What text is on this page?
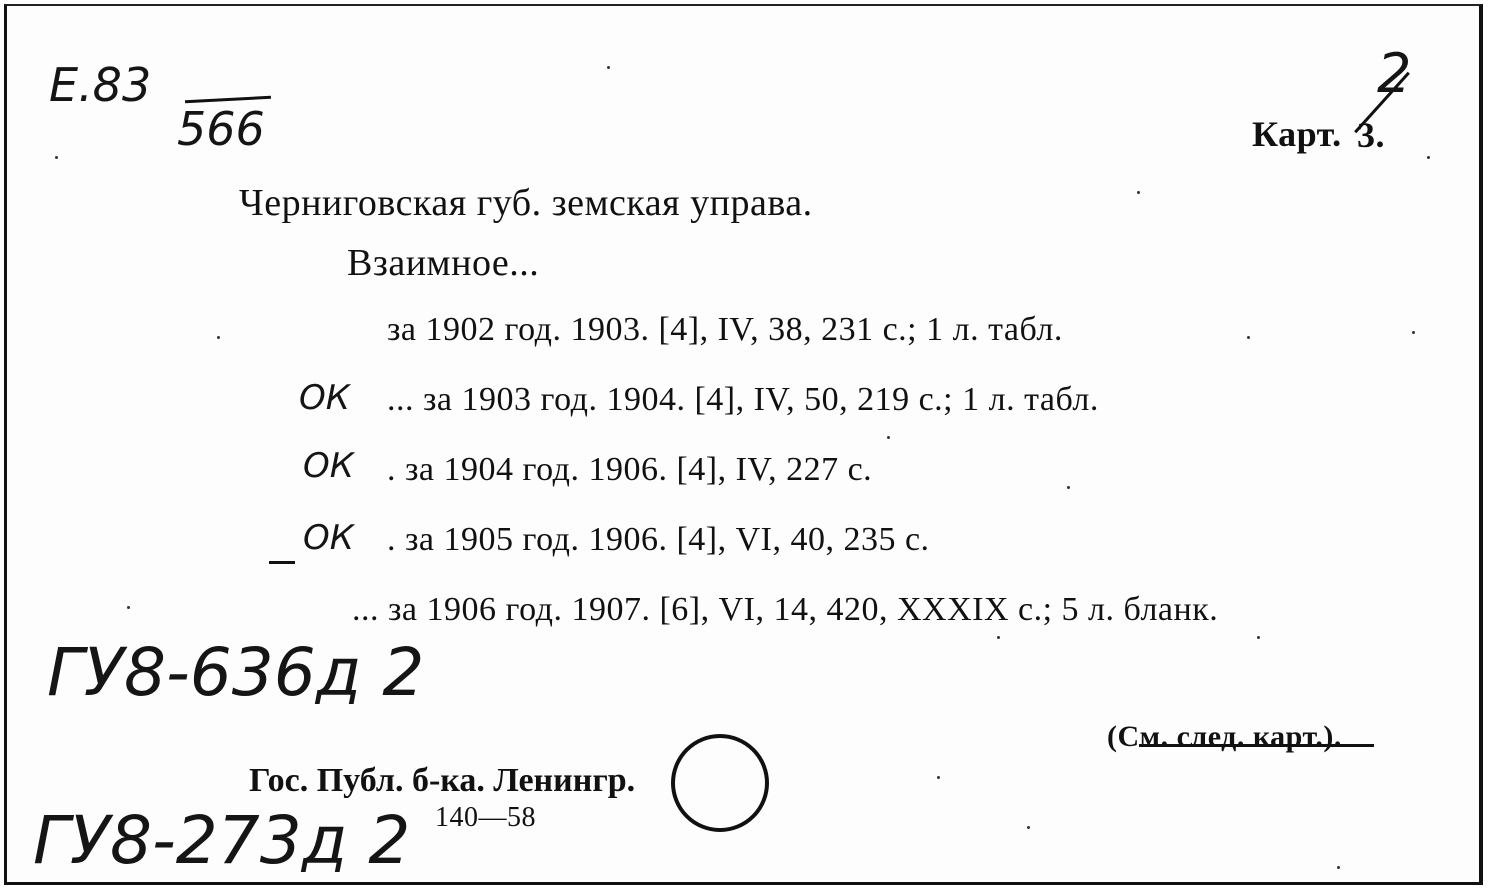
E.83
566	Карт. 3.
2
Черниговская губ. земская управа.
Взаимное...
за 1902 год. 1903. [4], IV, 38, 231 с.; 1 л. табл.
ОК ... за 1903 год. 1904. [4], IV, 50, 219 с.; 1 л. табл.
ОК . за 1904 год. 1906. [4], IV, 227 с.
ОК . за 1905 год. 1906. [4], VI, 40, 235 с.
... за 1906 год. 1907. [6], VI, 14, 420, XXXIX с.; 5 л. бланк.
ГУ8-636д 2
(См. след. карт.).
Гос. Публ. б-ка. Ленингр.
140—58
ГУ8-273д 2
